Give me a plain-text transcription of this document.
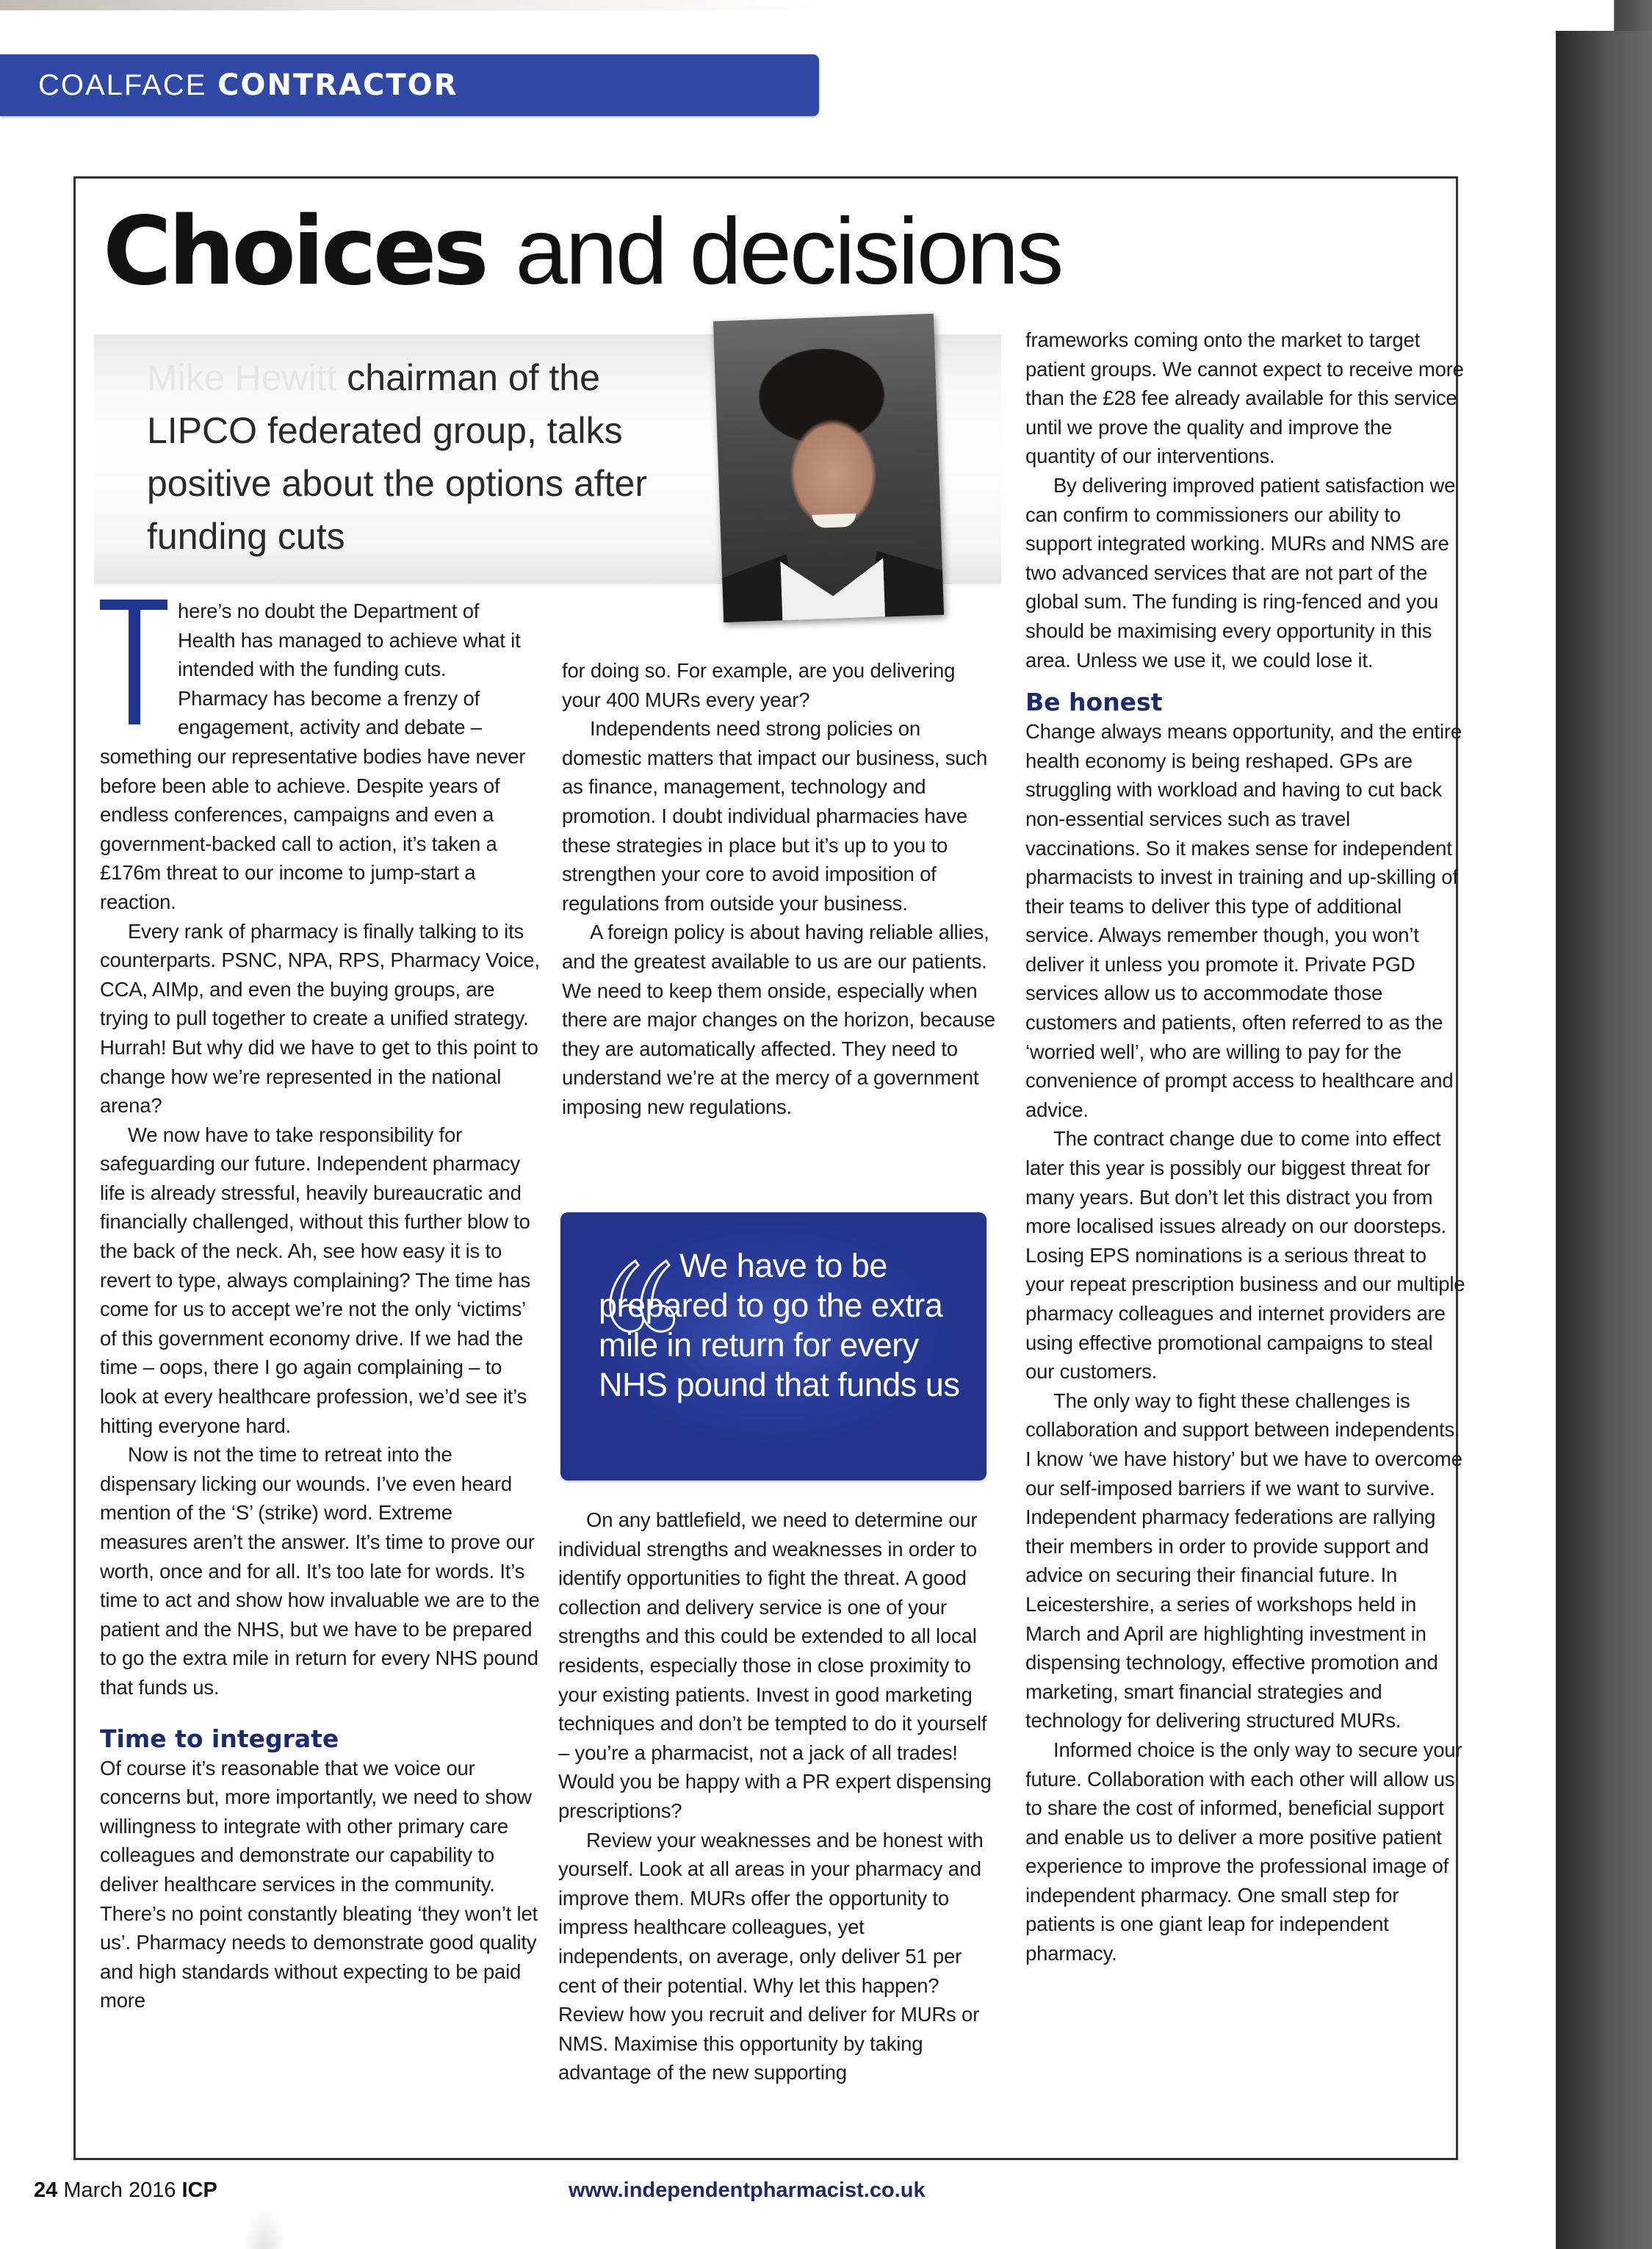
COALFACE CONTRACTOR
Choices and decisions
Mike Hewitt chairman of the LIPCO federated group, talks positive about the options after funding cuts

here’s no doubt the Department of Health has managed to achieve what it intended with the funding cuts. Pharmacy has become a frenzy of engagement, activity and debate – something our representative bodies have never before been able to achieve. Despite years of endless conferences, campaigns and even a government-backed call to action, it’s taken a £176m threat to our income to jump-start a reaction.

Every rank of pharmacy is finally talking to its counterparts. PSNC, NPA, RPS, Pharmacy Voice, CCA, AIMp, and even the buying groups, are trying to pull together to create a unified strategy. Hurrah! But why did we have to get to this point to change how we’re represented in the national arena?

We now have to take responsibility for safeguarding our future. Independent pharmacy life is already stressful, heavily bureaucratic and financially challenged, without this further blow to the back of the neck. Ah, see how easy it is to revert to type, always complaining? The time has come for us to accept we’re not the only ‘victims’ of this government economy drive. If we had the time – oops, there I go again complaining – to look at every healthcare profession, we’d see it’s hitting everyone hard.

Now is not the time to retreat into the dispensary licking our wounds. I’ve even heard mention of the ‘S’ (strike) word. Extreme measures aren’t the answer. It’s time to prove our worth, once and for all. It’s too late for words. It’s time to act and show how invaluable we are to the patient and the NHS, but we have to be prepared to go the extra mile in return for every NHS pound that funds us.

Time to integrate

Of course it’s reasonable that we voice our concerns but, more importantly, we need to show willingness to integrate with other primary care colleagues and demonstrate our capability to deliver healthcare services in the community. There’s no point constantly bleating ‘they won’t let us’. Pharmacy needs to demonstrate good quality and high standards without expecting to be paid more

for doing so. For example, are you delivering your 400 MURs every year?

Independents need strong policies on domestic matters that impact our business, such as finance, management, technology and promotion. I doubt individual pharmacies have these strategies in place but it’s up to you to strengthen your core to avoid imposition of regulations from outside your business.

A foreign policy is about having reliable allies, and the greatest available to us are our patients. We need to keep them onside, especially when there are major changes on the horizon, because they are automatically affected. They need to understand we’re at the mercy of a government imposing new regulations.

We have to be prepared to go the extra mile in return for every NHS pound that funds us

On any battlefield, we need to determine our individual strengths and weaknesses in order to identify opportunities to fight the threat. A good collection and delivery service is one of your strengths and this could be extended to all local residents, especially those in close proximity to your existing patients. Invest in good marketing techniques and don’t be tempted to do it yourself – you’re a pharmacist, not a jack of all trades! Would you be happy with a PR expert dispensing prescriptions?

Review your weaknesses and be honest with yourself. Look at all areas in your pharmacy and improve them. MURs offer the opportunity to impress healthcare colleagues, yet independents, on average, only deliver 51 per cent of their potential. Why let this happen? Review how you recruit and deliver for MURs or NMS. Maximise this opportunity by taking advantage of the new supporting

frameworks coming onto the market to target patient groups. We cannot expect to receive more than the £28 fee already available for this service until we prove the quality and improve the quantity of our interventions.

By delivering improved patient satisfaction we can confirm to commissioners our ability to support integrated working. MURs and NMS are two advanced services that are not part of the global sum. The funding is ring-fenced and you should be maximising every opportunity in this area. Unless we use it, we could lose it.

Be honest

Change always means opportunity, and the entire health economy is being reshaped. GPs are struggling with workload and having to cut back non-essential services such as travel vaccinations. So it makes sense for independent pharmacists to invest in training and up-skilling of their teams to deliver this type of additional service. Always remember though, you won’t deliver it unless you promote it. Private PGD services allow us to accommodate those customers and patients, often referred to as the ‘worried well’, who are willing to pay for the convenience of prompt access to healthcare and advice.

The contract change due to come into effect later this year is possibly our biggest threat for many years. But don’t let this distract you from more localised issues already on our doorsteps. Losing EPS nominations is a serious threat to your repeat prescription business and our multiple pharmacy colleagues and internet providers are using effective promotional campaigns to steal our customers.

The only way to fight these challenges is collaboration and support between independents. I know ‘we have history’ but we have to overcome our self-imposed barriers if we want to survive. Independent pharmacy federations are rallying their members in order to provide support and advice on securing their financial future. In Leicestershire, a series of workshops held in March and April are highlighting investment in dispensing technology, effective promotion and marketing, smart financial strategies and technology for delivering structured MURs.

Informed choice is the only way to secure your future. Collaboration with each other will allow us to share the cost of informed, beneficial support and enable us to deliver a more positive patient experience to improve the professional image of independent pharmacy. One small step for patients is one giant leap for independent pharmacy.

24 March 2016 ICP	www.independentpharmacist.co.uk
